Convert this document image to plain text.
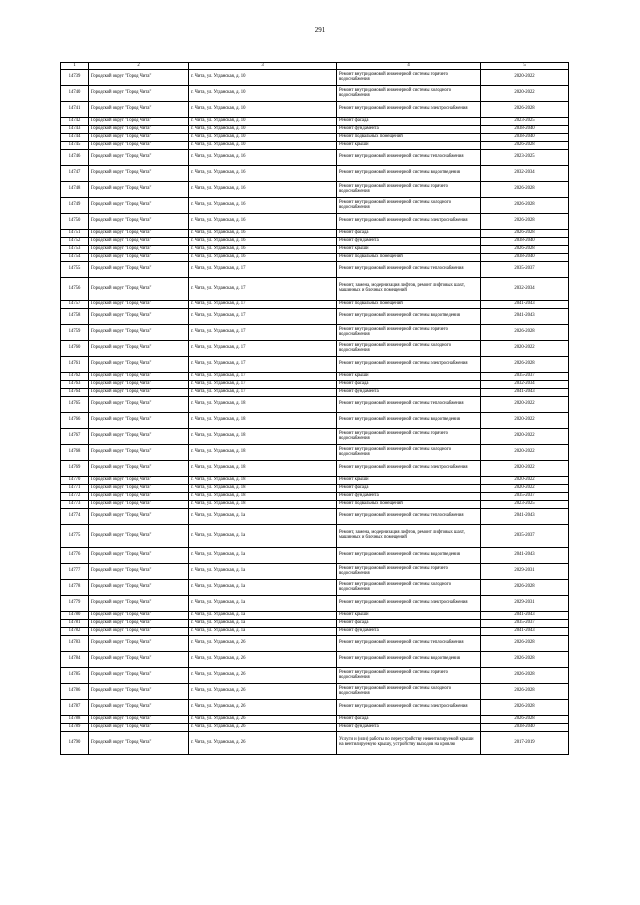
291
1	2	3	4	5
14739	Городской округ "Город Чита"	г. Чита, ул. Угданская, д. 10	Ремонт внутридомовой инженерной системы горячего водоснабжения	2020-2022
14740	Городской округ "Город Чита"	г. Чита, ул. Угданская, д. 10	Ремонт внутридомовой инженерной системы холодного водоснабжения	2020-2022
14741	Городской округ "Город Чита"	г. Чита, ул. Угданская, д. 10	Ремонт внутридомовой инженерной системы электроснабжения	2026-2028
14742	Городской округ "Город Чита"	г. Чита, ул. Угданская, д. 10	Ремонт фасада	2023-2025
14743	Городской округ "Город Чита"	г. Чита, ул. Угданская, д. 10	Ремонт фундамента	2038-2040
14744	Городской округ "Город Чита"	г. Чита, ул. Угданская, д. 10	Ремонт подвальных помещений	2038-2040
14745	Городской округ "Город Чита"	г. Чита, ул. Угданская, д. 10	Ремонт крыши	2026-2028
14746	Городской округ "Город Чита"	г. Чита, ул. Угданская, д. 16	Ремонт внутридомовой инженерной системы теплоснабжения	2023-2025
14747	Городской округ "Город Чита"	г. Чита, ул. Угданская, д. 16	Ремонт внутридомовой инженерной системы водоотведения	2032-2034
14748	Городской округ "Город Чита"	г. Чита, ул. Угданская, д. 16	Ремонт внутридомовой инженерной системы горячего водоснабжения	2026-2028
14749	Городской округ "Город Чита"	г. Чита, ул. Угданская, д. 16	Ремонт внутридомовой инженерной системы холодного водоснабжения	2026-2028
14750	Городской округ "Город Чита"	г. Чита, ул. Угданская, д. 16	Ремонт внутридомовой инженерной системы электроснабжения	2026-2028
14751	Городской округ "Город Чита"	г. Чита, ул. Угданская, д. 16	Ремонт фасада	2026-2028
14752	Городской округ "Город Чита"	г. Чита, ул. Угданская, д. 16	Ремонт фундамента	2038-2040
14753	Городской округ "Город Чита"	г. Чита, ул. Угданская, д. 16	Ремонт крыши	2026-2028
14754	Городской округ "Город Чита"	г. Чита, ул. Угданская, д. 16	Ремонт подвальных помещений	2038-2040
14755	Городской округ "Город Чита"	г. Чита, ул. Угданская, д. 17	Ремонт внутридомовой инженерной системы теплоснабжения	2035-2037
14756	Городской округ "Город Чита"	г. Чита, ул. Угданская, д. 17	Ремонт, замена, модернизация лифтов, ремонт лифтовых шахт, машинных и блочных помещений	2032-2034
14757	Городской округ "Город Чита"	г. Чита, ул. Угданская, д. 17	Ремонт подвальных помещений	2041-2043
14758	Городской округ "Город Чита"	г. Чита, ул. Угданская, д. 17	Ремонт внутридомовой инженерной системы водоотведения	2041-2043
14759	Городской округ "Город Чита"	г. Чита, ул. Угданская, д. 17	Ремонт внутридомовой инженерной системы горячего водоснабжения	2026-2028
14760	Городской округ "Город Чита"	г. Чита, ул. Угданская, д. 17	Ремонт внутридомовой инженерной системы холодного водоснабжения	2020-2022
14761	Городской округ "Город Чита"	г. Чита, ул. Угданская, д. 17	Ремонт внутридомовой инженерной системы электроснабжения	2026-2028
14762	Городской округ "Город Чита"	г. Чита, ул. Угданская, д. 17	Ремонт крыши	2035-2037
14763	Городской округ "Город Чита"	г. Чита, ул. Угданская, д. 17	Ремонт фасада	2032-2034
14764	Городской округ "Город Чита"	г. Чита, ул. Угданская, д. 17	Ремонт фундамента	2041-2043
14765	Городской округ "Город Чита"	г. Чита, ул. Угданская, д. 18	Ремонт внутридомовой инженерной системы теплоснабжения	2020-2022
14766	Городской округ "Город Чита"	г. Чита, ул. Угданская, д. 18	Ремонт внутридомовой инженерной системы водоотведения	2020-2022
14767	Городской округ "Город Чита"	г. Чита, ул. Угданская, д. 18	Ремонт внутридомовой инженерной системы горячего водоснабжения	2020-2022
14768	Городской округ "Город Чита"	г. Чита, ул. Угданская, д. 18	Ремонт внутридомовой инженерной системы холодного водоснабжения	2020-2022
14769	Городской округ "Город Чита"	г. Чита, ул. Угданская, д. 18	Ремонт внутридомовой инженерной системы электроснабжения	2020-2022
14770	Городской округ "Город Чита"	г. Чита, ул. Угданская, д. 18	Ремонт крыши	2020-2022
14771	Городской округ "Город Чита"	г. Чита, ул. Угданская, д. 18	Ремонт фасада	2020-2022
14772	Городской округ "Город Чита"	г. Чита, ул. Угданская, д. 18	Ремонт фундамента	2035-2037
14773	Городской округ "Город Чита"	г. Чита, ул. Угданская, д. 18	Ремонт подвальных помещений	2023-2025
14774	Городской округ "Город Чита"	г. Чита, ул. Угданская, д. 1а	Ремонт внутридомовой инженерной системы теплоснабжения	2041-2043
14775	Городской округ "Город Чита"	г. Чита, ул. Угданская, д. 1а	Ремонт, замена, модернизация лифтов, ремонт лифтовых шахт, машинных и блочных помещений	2035-2037
14776	Городской округ "Город Чита"	г. Чита, ул. Угданская, д. 1а	Ремонт внутридомовой инженерной системы водоотведения	2041-2043
14777	Городской округ "Город Чита"	г. Чита, ул. Угданская, д. 1а	Ремонт внутридомовой инженерной системы горячего водоснабжения	2029-2031
14778	Городской округ "Город Чита"	г. Чита, ул. Угданская, д. 1а	Ремонт внутридомовой инженерной системы холодного водоснабжения	2026-2028
14779	Городской округ "Город Чита"	г. Чита, ул. Угданская, д. 1а	Ремонт внутридомовой инженерной системы электроснабжения	2029-2031
14780	Городской округ "Город Чита"	г. Чита, ул. Угданская, д. 1а	Ремонт крыши	2041-2043
14781	Городской округ "Город Чита"	г. Чита, ул. Угданская, д. 1а	Ремонт фасада	2035-2037
14782	Городской округ "Город Чита"	г. Чита, ул. Угданская, д. 1а	Ремонт фундамента	2041-2043
14783	Городской округ "Город Чита"	г. Чита, ул. Угданская, д. 26	Ремонт внутридомовой инженерной системы теплоснабжения	2026-2028
14784	Городской округ "Город Чита"	г. Чита, ул. Угданская, д. 26	Ремонт внутридомовой инженерной системы водоотведения	2026-2028
14785	Городской округ "Город Чита"	г. Чита, ул. Угданская, д. 26	Ремонт внутридомовой инженерной системы горячего водоснабжения	2026-2028
14786	Городской округ "Город Чита"	г. Чита, ул. Угданская, д. 26	Ремонт внутридомовой инженерной системы холодного водоснабжения	2026-2028
14787	Городской округ "Город Чита"	г. Чита, ул. Угданская, д. 26	Ремонт внутридомовой инженерной системы электроснабжения	2026-2028
14788	Городской округ "Город Чита"	г. Чита, ул. Угданская, д. 26	Ремонт фасада	2026-2028
14789	Городской округ "Город Чита"	г. Чита, ул. Угданская, д. 26	Ремонт фундамента	2038-2040
14790	Городской округ "Город Чита"	г. Чита, ул. Угданская, д. 26	Услуги и (или) работы по переустройству невентилируемой крыши на вентилируемую крышу, устройству выходов на кровлю	2017-2019
